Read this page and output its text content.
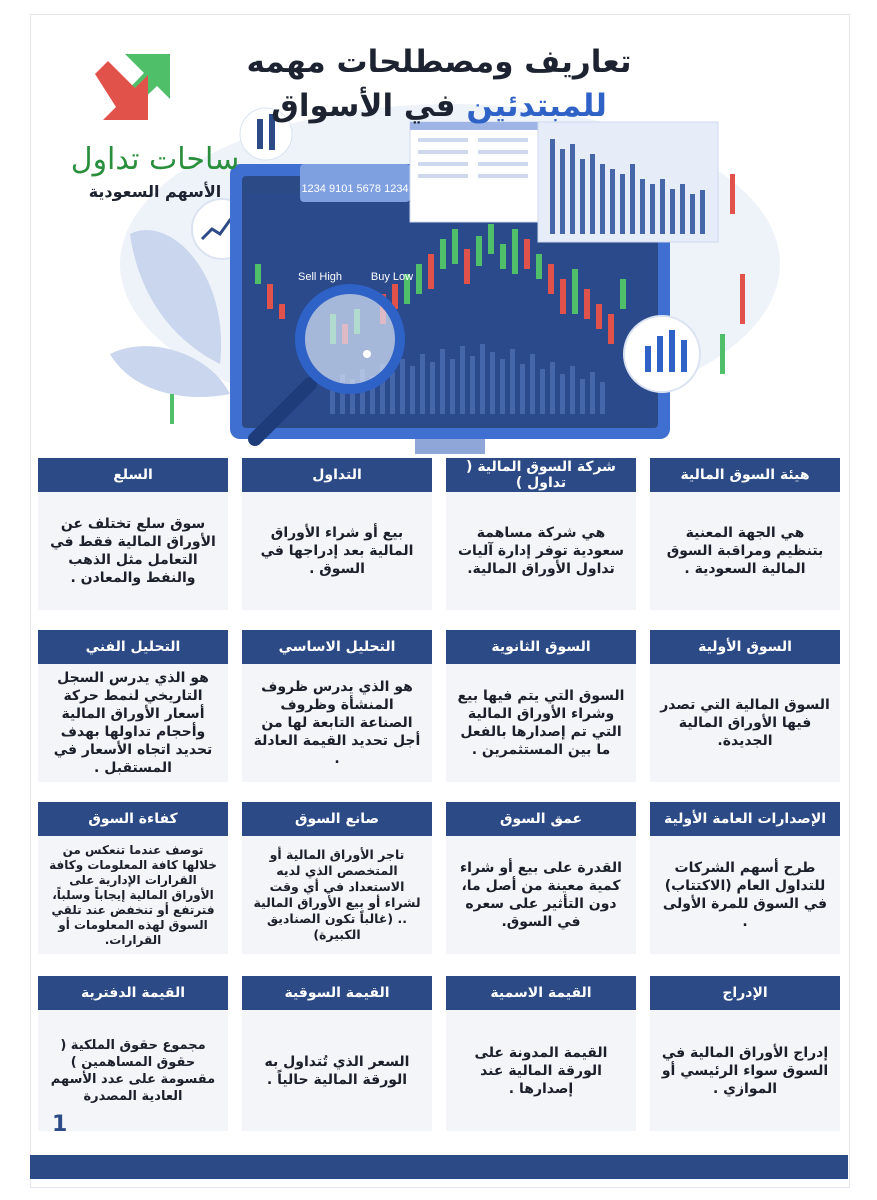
1234 5678 9101 1234
Sell High	Buy Low
تعاريف ومصطلحات مهمه
للمبتدئين في الأسواق
ساحات تداول
الأسهم السعودية
هيئة السوق المالية
هي الجهة المعنية بتنظيم ومراقبة السوق المالية السعودية .
شركة السوق المالية ( تداول )
هي شركة مساهمة سعودية توفر إدارة آليات تداول الأوراق المالية.
التداول
بيع أو شراء الأوراق المالية بعد إدراجها في السوق .
السلع
سوق سلع تختلف عن الأوراق المالية فقط في التعامل مثل الذهب والنفط والمعادن .
السوق الأولية
السوق المالية التي تصدر فيها الأوراق المالية الجديدة.
السوق الثانوية
السوق التي يتم فيها بيع وشراء الأوراق المالية التي تم إصدارها بالفعل ما بين المستثمرين .
التحليل الاساسي
هو الذي يدرس ظروف المنشأة وظروف الصناعة التابعة لها من أجل تحديد القيمة العادلة .
التحليل الفني
هو الذي يدرس السجل التاريخي لنمط حركة أسعار الأوراق المالية وأحجام تداولها بهدف تحديد اتجاه الأسعار في المستقبل .
الإصدارات العامة الأولية
طرح أسهم الشركات للتداول العام (الاكتتاب) في السوق للمرة الأولى .
عمق السوق
القدرة على بيع أو شراء كمية معينة من أصل ما، دون التأثير على سعره في السوق.
صانع السوق
تاجر الأوراق المالية أو المتخصص الذي لديه الاستعداد في أي وقت لشراء أو بيع الأوراق المالية .. (غالباً تكون الصناديق الكبيرة)
كفاءة السوق
توصف عندما تنعكس من خلالها كافة المعلومات وكافة القرارات الإدارية على الأوراق المالية إيجاباً وسلباً، فترتفع أو تنخفض عند تلقي السوق لهذه المعلومات أو القرارات.
الإدراج
إدراج الأوراق المالية في السوق سواء الرئيسي أو الموازي .
القيمة الاسمية
القيمة المدونة على الورقة المالية عند إصدارها .
القيمة السوقية
السعر الذي تُتداول به الورقة المالية حالياً .
القيمة الدفترية
مجموع حقوق الملكية ( حقوق المساهمين ) مقسومة على عدد الأسهم العادية المصدرة
1
